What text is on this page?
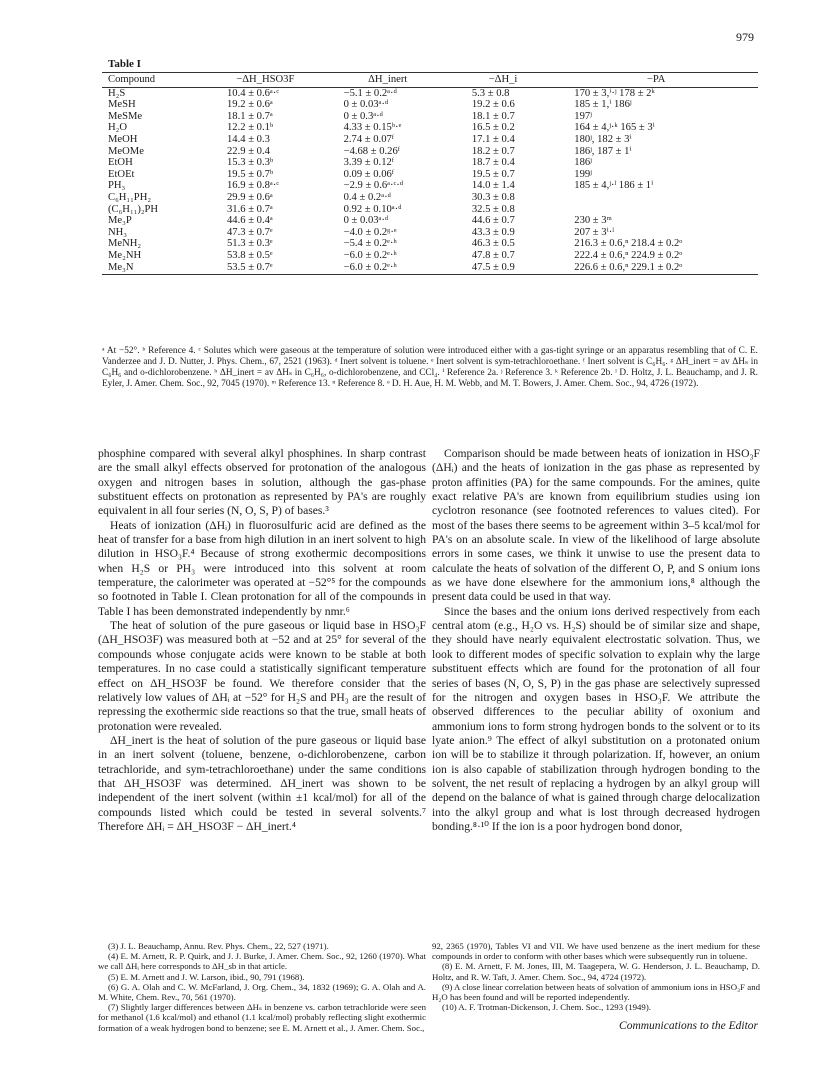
979
Table I
Compound	−ΔH_HSO3F	ΔH_inert	−ΔH_i	−PA
H₂S	10.4 ± 0.6ᵃ·ᶜ	−5.1 ± 0.2ᵃ·ᵈ	5.3 ± 0.8	170 ± 3,ⁱ·ʲ 178 ± 2ᵏ
MeSH	19.2 ± 0.6ᵃ	0 ± 0.03ᵃ·ᵈ	19.2 ± 0.6	185 ± 1,ⁱ 186ʲ
MeSMe	18.1 ± 0.7ᵃ	0 ± 0.3ᵃ·ᵈ	18.1 ± 0.7	197ʲ
H₂O	12.2 ± 0.1ᵇ	4.33 ± 0.15ᵇ·ᵉ	16.5 ± 0.2	164 ± 4,ʲ·ᵏ 165 ± 3ⁱ
MeOH	14.4 ± 0.3	2.74 ± 0.07ᶠ	17.1 ± 0.4	180ʲ, 182 ± 3ⁱ
MeOMe	22.9 ± 0.4	−4.68 ± 0.26ᶠ	18.2 ± 0.7	186ʲ, 187 ± 1ⁱ
EtOH	15.3 ± 0.3ᵇ	3.39 ± 0.12ᶠ	18.7 ± 0.4	186ʲ
EtOEt	19.5 ± 0.7ᵇ	0.09 ± 0.06ᶠ	19.5 ± 0.7	199ʲ
PH₃	16.9 ± 0.8ᵃ·ᶜ	−2.9 ± 0.6ᵃ·ᶜ·ᵈ	14.0 ± 1.4	185 ± 4,ʲ·ˡ 186 ± 1ⁱ
C₆H₁₁PH₂	29.9 ± 0.6ᵃ	0.4 ± 0.2ᵃ·ᵈ	30.3 ± 0.8	
(C₆H₁₁)₂PH	31.6 ± 0.7ᵃ	0.92 ± 0.10ᵃ·ᵈ	32.5 ± 0.8	
Me₃P	44.6 ± 0.4ᵃ	0 ± 0.03ᵃ·ᵈ	44.6 ± 0.7	230 ± 3ᵐ
NH₃	47.3 ± 0.7ᵉ	−4.0 ± 0.2ᵍ·ᵉ	43.3 ± 0.9	207 ± 3ⁱ·ˡ
MeNH₂	51.3 ± 0.3ᵉ	−5.4 ± 0.2ᵉ·ʰ	46.3 ± 0.5	216.3 ± 0.6,ⁿ 218.4 ± 0.2ᵒ
Me₂NH	53.8 ± 0.5ᵉ	−6.0 ± 0.2ᵉ·ʰ	47.8 ± 0.7	222.4 ± 0.6,ⁿ 224.9 ± 0.2ᵒ
Me₃N	53.5 ± 0.7ᵉ	−6.0 ± 0.2ᵉ·ʰ	47.5 ± 0.9	226.6 ± 0.6,ⁿ 229.1 ± 0.2ᵒ
ᵃ At −52°. ᵇ Reference 4. ᶜ Solutes which were gaseous at the temperature of solution were introduced either with a gas-tight syringe or an apparatus resembling that of C. E. Vanderzee and J. D. Nutter, J. Phys. Chem., 67, 2521 (1963). ᵈ Inert solvent is toluene. ᵉ Inert solvent is sym-tetrachloroethane. ᶠ Inert solvent is C₆H₆. ᵍ ΔH_inert = av ΔHₛ in C₆H₆ and o-dichlorobenzene. ʰ ΔH_inert = av ΔHₛ in C₆H₆, o-dichlorobenzene, and CCl₄. ⁱ Reference 2a. ʲ Reference 3. ᵏ Reference 2b. ˡ D. Holtz, J. L. Beauchamp, and J. R. Eyler, J. Amer. Chem. Soc., 92, 7045 (1970). ᵐ Reference 13. ⁿ Reference 8. ᵒ D. H. Aue, H. M. Webb, and M. T. Bowers, J. Amer. Chem. Soc., 94, 4726 (1972).

phosphine compared with several alkyl phosphines. In sharp contrast are the small alkyl effects observed for protonation of the analogous oxygen and nitrogen bases in solution, although the gas-phase substituent effects on protonation as represented by PA's are roughly equivalent in all four series (N, O, S, P) of bases.³

Heats of ionization (ΔHᵢ) in fluorosulfuric acid are defined as the heat of transfer for a base from high dilution in an inert solvent to high dilution in HSO₃F.⁴ Because of strong exothermic decompositions when H₂S or PH₃ were introduced into this solvent at room temperature, the calorimeter was operated at −52°⁵ for the compounds so footnoted in Table I. Clean protonation for all of the compounds in Table I has been demonstrated independently by nmr.⁶

The heat of solution of the pure gaseous or liquid base in HSO₃F (ΔH_HSO3F) was measured both at −52 and at 25° for several of the compounds whose conjugate acids were known to be stable at both temperatures. In no case could a statistically significant temperature effect on ΔH_HSO3F be found. We therefore consider that the relatively low values of ΔHᵢ at −52° for H₂S and PH₃ are the result of repressing the exothermic side reactions so that the true, small heats of protonation were revealed.

ΔH_inert is the heat of solution of the pure gaseous or liquid base in an inert solvent (toluene, benzene, o-dichlorobenzene, carbon tetrachloride, and sym-tetrachloroethane) under the same conditions that ΔH_HSO3F was determined. ΔH_inert was shown to be independent of the inert solvent (within ±1 kcal/mol) for all of the compounds listed which could be tested in several solvents.⁷ Therefore ΔHᵢ = ΔH_HSO3F − ΔH_inert.⁴

Comparison should be made between heats of ionization in HSO₃F (ΔHᵢ) and the heats of ionization in the gas phase as represented by proton affinities (PA) for the same compounds. For the amines, quite exact relative PA's are known from equilibrium studies using ion cyclotron resonance (see footnoted references to values cited). For most of the bases there seems to be agreement within 3–5 kcal/mol for PA's on an absolute scale. In view of the likelihood of large absolute errors in some cases, we think it unwise to use the present data to calculate the heats of solvation of the different O, P, and S onium ions as we have done elsewhere for the ammonium ions,⁸ although the present data could be used in that way.

Since the bases and the onium ions derived respectively from each central atom (e.g., H₂O vs. H₂S) should be of similar size and shape, they should have nearly equivalent electrostatic solvation. Thus, we look to different modes of specific solvation to explain why the large substituent effects which are found for the protonation of all four series of bases (N, O, S, P) in the gas phase are selectively supressed for the nitrogen and oxygen bases in HSO₃F. We attribute the observed differences to the peculiar ability of oxonium and ammonium ions to form strong hydrogen bonds to the solvent or to its lyate anion.⁹ The effect of alkyl substitution on a protonated onium ion will be to stabilize it through polarization. If, however, an onium ion is also capable of stabilization through hydrogen bonding to the solvent, the net result of replacing a hydrogen by an alkyl group will depend on the balance of what is gained through charge delocalization into the alkyl group and what is lost through decreased hydrogen bonding.⁸·¹⁰ If the ion is a poor hydrogen bond donor,

(3) J. L. Beauchamp, Annu. Rev. Phys. Chem., 22, 527 (1971).
(4) E. M. Arnett, R. P. Quirk, and J. J. Burke, J. Amer. Chem. Soc., 92, 1260 (1970). What we call ΔHᵢ here corresponds to ΔH_sb in that article.
(5) E. M. Arnett and J. W. Larson, ibid., 90, 791 (1968).
(6) G. A. Olah and C. W. McFarland, J. Org. Chem., 34, 1832 (1969); G. A. Olah and A. M. White, Chem. Rev., 70, 561 (1970).
(7) Slightly larger differences between ΔHₛ in benzene vs. carbon tetrachloride were seen for methanol (1.6 kcal/mol) and ethanol (1.1 kcal/mol) probably reflecting slight exothermic formation of a weak hydrogen bond to benzene; see E. M. Arnett et al., J. Amer. Chem. Soc.,
92, 2365 (1970), Tables VI and VII. We have used benzene as the inert medium for these compounds in order to conform with other bases which were subsequently run in toluene.
(8) E. M. Arnett, F. M. Jones, III, M. Taagepera, W. G. Henderson, J. L. Beauchamp, D. Holtz, and R. W. Taft, J. Amer. Chem. Soc., 94, 4724 (1972).
(9) A close linear correlation between heats of solvation of ammonium ions in HSO₃F and H₂O has been found and will be reported independently.
(10) A. F. Trotman-Dickenson, J. Chem. Soc., 1293 (1949).
Communications to the Editor
